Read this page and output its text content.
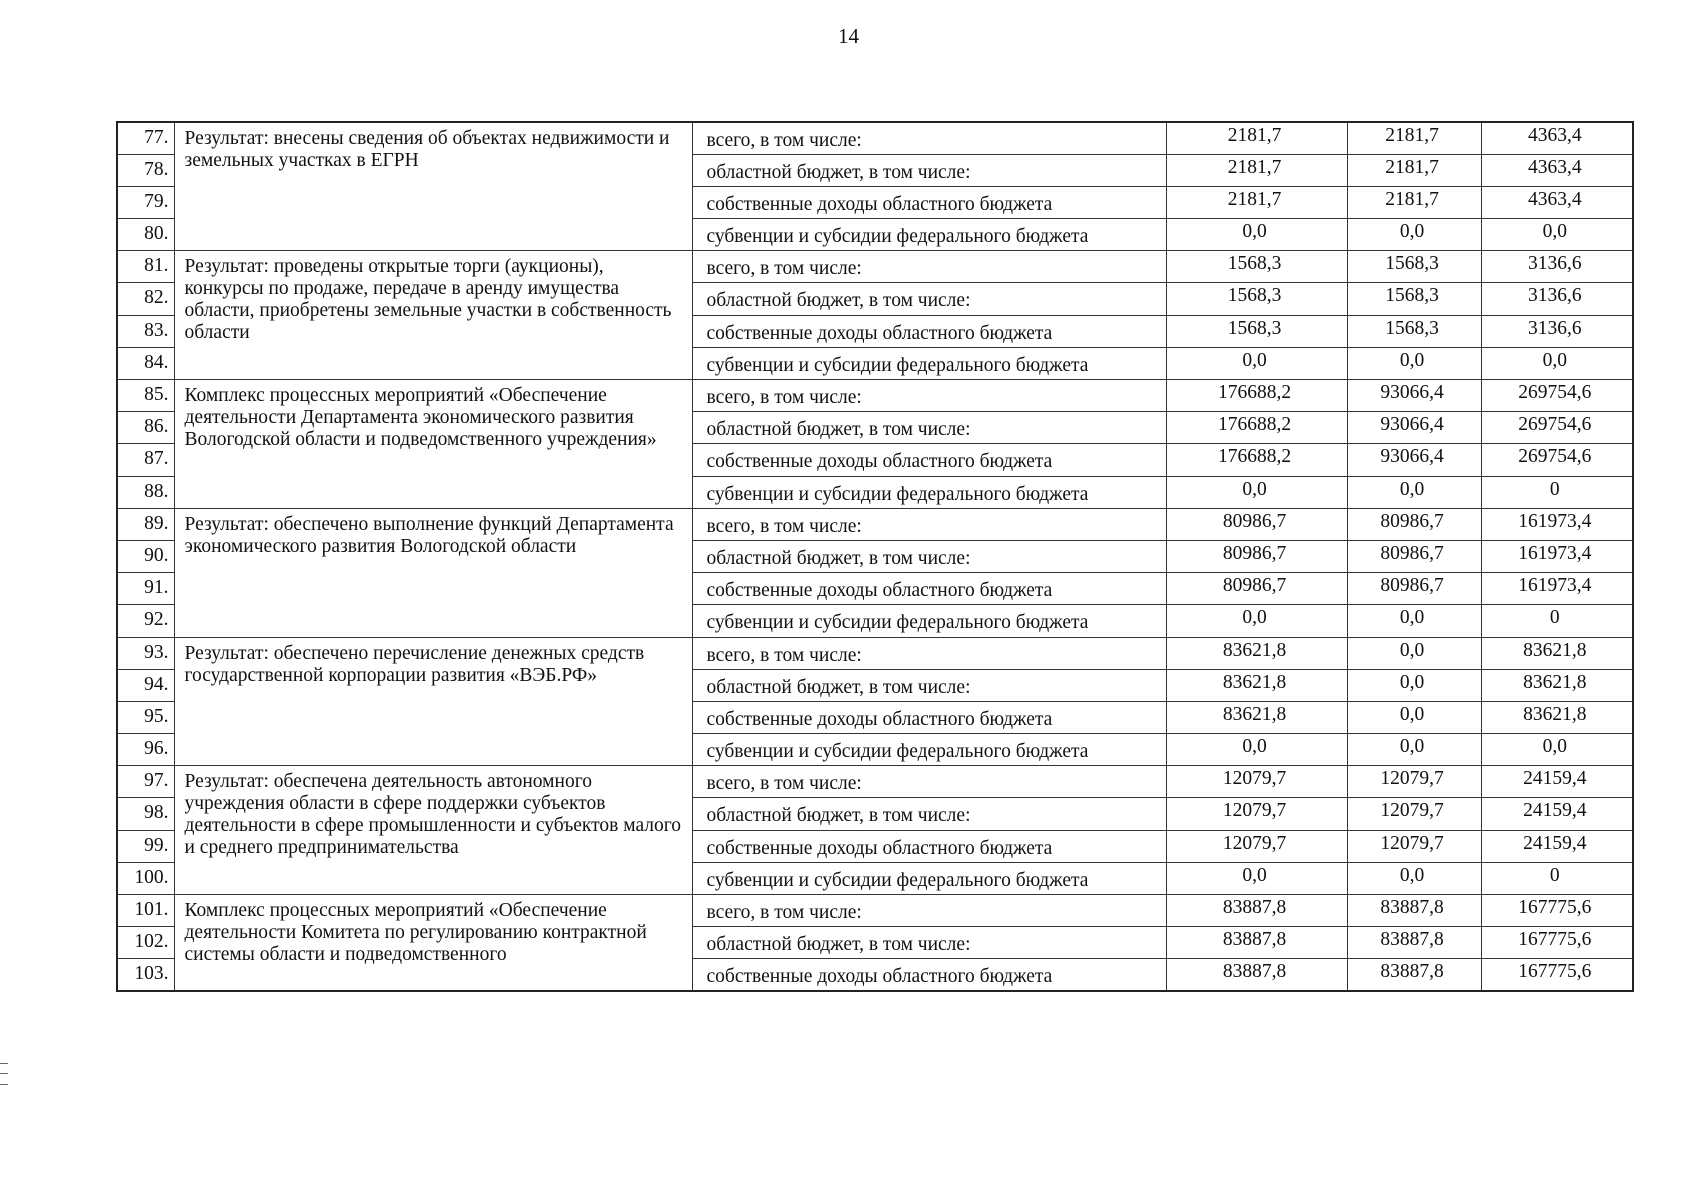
14
77.	Результат: внесены сведения об объектах недвижимости и земельных участках в ЕГРН	всего, в том числе:	2181,7	2181,7	4363,4
78.		областной бюджет, в том числе:	2181,7	2181,7	4363,4
79.		собственные доходы областного бюджета	2181,7	2181,7	4363,4
80.		субвенции и субсидии федерального бюджета	0,0	0,0	0,0
81.	Результат: проведены открытые торги (аукционы), конкурсы по продаже, передаче в аренду имущества области, приобретены земельные участки в собственность области	всего, в том числе:	1568,3	1568,3	3136,6
82.		областной бюджет, в том числе:	1568,3	1568,3	3136,6
83.		собственные доходы областного бюджета	1568,3	1568,3	3136,6
84.		субвенции и субсидии федерального бюджета	0,0	0,0	0,0
85.	Комплекс процессных мероприятий «Обеспечение деятельности Департамента экономического развития Вологодской области и подведомственного учреждения»	всего, в том числе:	176688,2	93066,4	269754,6
86.		областной бюджет, в том числе:	176688,2	93066,4	269754,6
87.		собственные доходы областного бюджета	176688,2	93066,4	269754,6
88.		субвенции и субсидии федерального бюджета	0,0	0,0	0
89.	Результат: обеспечено выполнение функций Департамента экономического развития Вологодской области	всего, в том числе:	80986,7	80986,7	161973,4
90.		областной бюджет, в том числе:	80986,7	80986,7	161973,4
91.		собственные доходы областного бюджета	80986,7	80986,7	161973,4
92.		субвенции и субсидии федерального бюджета	0,0	0,0	0
93.	Результат: обеспечено перечисление денежных средств государственной корпорации развития «ВЭБ.РФ»	всего, в том числе:	83621,8	0,0	83621,8
94.		областной бюджет, в том числе:	83621,8	0,0	83621,8
95.		собственные доходы областного бюджета	83621,8	0,0	83621,8
96.		субвенции и субсидии федерального бюджета	0,0	0,0	0,0
97.	Результат: обеспечена деятельность автономного учреждения области в сфере поддержки субъектов деятельности в сфере промышленности и субъектов малого и среднего предпринимательства	всего, в том числе:	12079,7	12079,7	24159,4
98.		областной бюджет, в том числе:	12079,7	12079,7	24159,4
99.		собственные доходы областного бюджета	12079,7	12079,7	24159,4
100.		субвенции и субсидии федерального бюджета	0,0	0,0	0
101.	Комплекс процессных мероприятий «Обеспечение деятельности Комитета по регулированию контрактной системы области и подведомственного	всего, в том числе:	83887,8	83887,8	167775,6
102.		областной бюджет, в том числе:	83887,8	83887,8	167775,6
103.		собственные доходы областного бюджета	83887,8	83887,8	167775,6
